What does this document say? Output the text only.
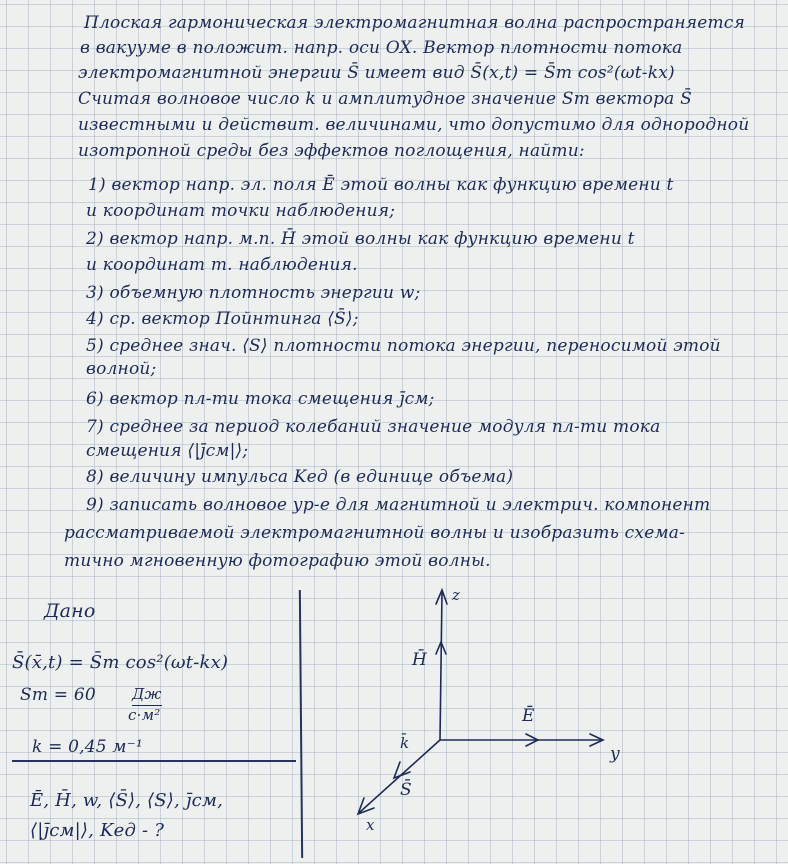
Плоская гармоническая электромагнитная волна распространяется
в вакууме в положит. напр. оси OX. Вектор плотности потока
электромагнитной энергии S̄ имеет вид S̄(x,t) = S̄m cos²(ωt-kx)
Считая волновое число k и амплитудное значение Sm вектора S̄
известными и действит. величинами, что допустимо для однородной
изотропной среды без эффектов поглощения, найти:
1) вектор напр. эл. поля Ē этой волны как функцию времени t
и координат точки наблюдения;
2) вектор напр. м.п. H̄ этой волны как функцию времени t
и координат т. наблюдения.
3) объемную плотность энергии w;
4) ср. вектор Пойнтинга ⟨S̄⟩;
5) среднее знач. ⟨S⟩ плотности потока энергии, переносимой этой
волной;
6) вектор пл-ти тока смещения j̄см;
7) среднее за период колебаний значение модуля пл-ти тока
смещения ⟨|j̄см|⟩;
8) величину импульса Kед (в единице объема)
9) записать волновое ур-е для магнитной и электрич. компонент
рассматриваемой электромагнитной волны и изобразить схема-
тично мгновенную фотографию этой волны.
Дано
S̄(x̄,t) = S̄m cos²(ωt-kx)
Sm = 60 Дж
с·м²
k = 0,45 м⁻¹
Ē, H̄, w, ⟨S̄⟩, ⟨S⟩, j̄см,
⟨|j̄см|⟩, Kед - ?
z
y
x
H̄
Ē
k̄
S̄
